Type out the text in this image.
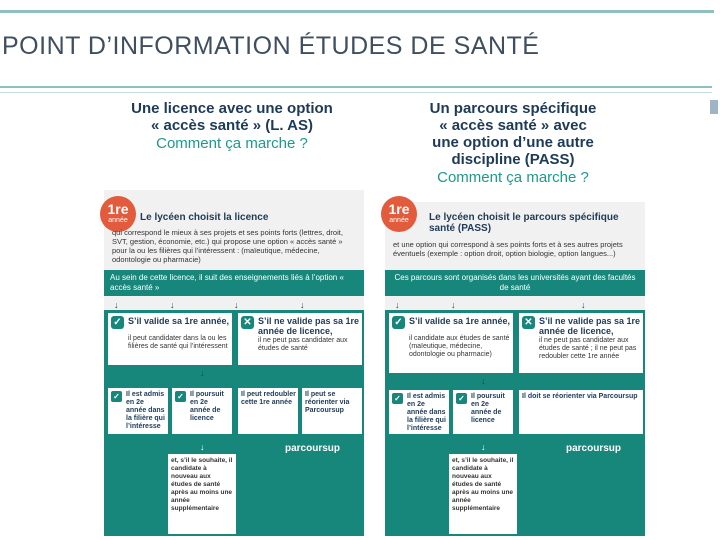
POINT D’INFORMATION ÉTUDES DE SANTÉ
Une licence avec une option
« accès santé » (L. AS)
Comment ça marche ?
1re
année	Le lycéen choisit la licence
qui correspond le mieux à ses projets et ses points forts (lettres, droit, SVT, gestion, économie, etc.) qui propose une option « accès santé » pour la ou les filières qui l’intéressent : (maïeutique, médecine, odontologie ou pharmacie)
Au sein de cette licence, il suit des enseignements liés à l’option « accès santé »
↓	↓	↓	↓
✓ S’il valide sa 1re année,
il peut candidater dans la ou les filières de santé qui l’intéressent
✕ S’il ne valide pas sa 1re année de licence,
il ne peut pas candidater aux études de santé
↓
✓ Il est admis en 2e année dans la filière qui l’intéresse
✓ Il poursuit en 2e année de licence
Il peut redoubler cette 1re année
Il peut se réorienter via Parcoursup
↓	parcoursup
et, s’il le souhaite, il candidate à nouveau aux études de santé après au moins une année supplémentaire
Un parcours spécifique
« accès santé » avec
une option d’une autre
discipline (PASS)
Comment ça marche ?
1re
année	Le lycéen choisit le parcours spécifique santé (PASS)
et une option qui correspond à ses points forts et à ses autres projets éventuels (exemple : option droit, option biologie, option langues...)
Ces parcours sont organisés dans les universités ayant des facultés de santé
↓	↓	↓
✓ S’il valide sa 1re année,
il candidate aux études de santé (maïeutique, médecine, odontologie ou pharmacie)
✕ S’il ne valide pas sa 1re année de licence,
il ne peut pas candidater aux études de santé ; il ne peut pas redoubler cette 1re année
↓
✓ Il est admis en 2e année dans la filière qui l’intéresse
✓ Il poursuit en 2e année de licence
Il doit se réorienter via Parcoursup
↓	parcoursup
et, s’il le souhaite, il candidate à nouveau aux études de santé après au moins une année supplémentaire
